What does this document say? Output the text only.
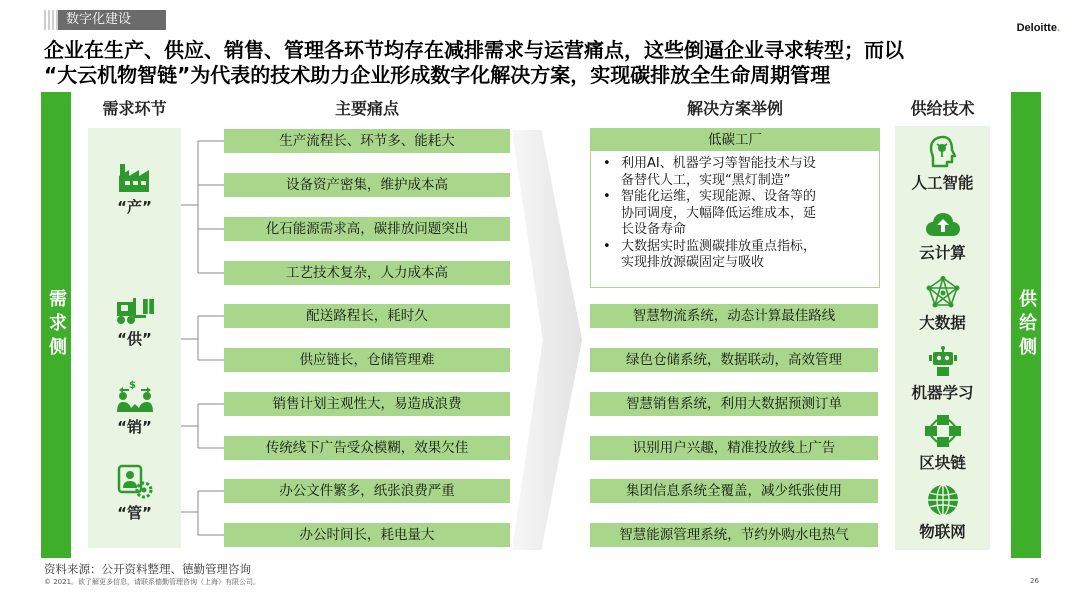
数字化建设
Deloitte.
企业在生产、供应、销售、管理各环节均存在减排需求与运营痛点，这些倒逼企业寻求转型；而以
“大云机物智链”为代表的技术助力企业形成数字化解决方案，实现碳排放全生命周期管理
需求侧	供给侧
需求环节	主要痛点	解决方案举例	供给技术
“产”
“供”
$
“销”
“管”
生产流程长、环节多、能耗大
设备资产密集，维护成本高
化石能源需求高，碳排放问题突出
工艺技术复杂，人力成本高
配送路程长，耗时久
供应链长，仓储管理难
销售计划主观性大，易造成浪费
传统线下广告受众模糊，效果欠佳
办公文件繁多，纸张浪费严重
办公时间长，耗电量大
低碳工厂
• 利用AI、机器学习等智能技术与设
备替代人工，实现“黑灯制造”
• 智能化运维，实现能源、设备等的
协同调度，大幅降低运维成本，延
长设备寿命
• 大数据实时监测碳排放重点指标，
实现排放源碳固定与吸收
智慧物流系统，动态计算最佳路线
绿色仓储系统，数据联动，高效管理
智慧销售系统，利用大数据预测订单
识别用户兴趣，精准投放线上广告
集团信息系统全覆盖，减少纸张使用
智慧能源管理系统，节约外购水电热气
人工智能
云计算
大数据
机器学习
区块链
物联网
资料来源：公开资料整理、德勤管理咨询
© 2021。欲了解更多信息，请联系德勤管理咨询（上海）有限公司。	26
